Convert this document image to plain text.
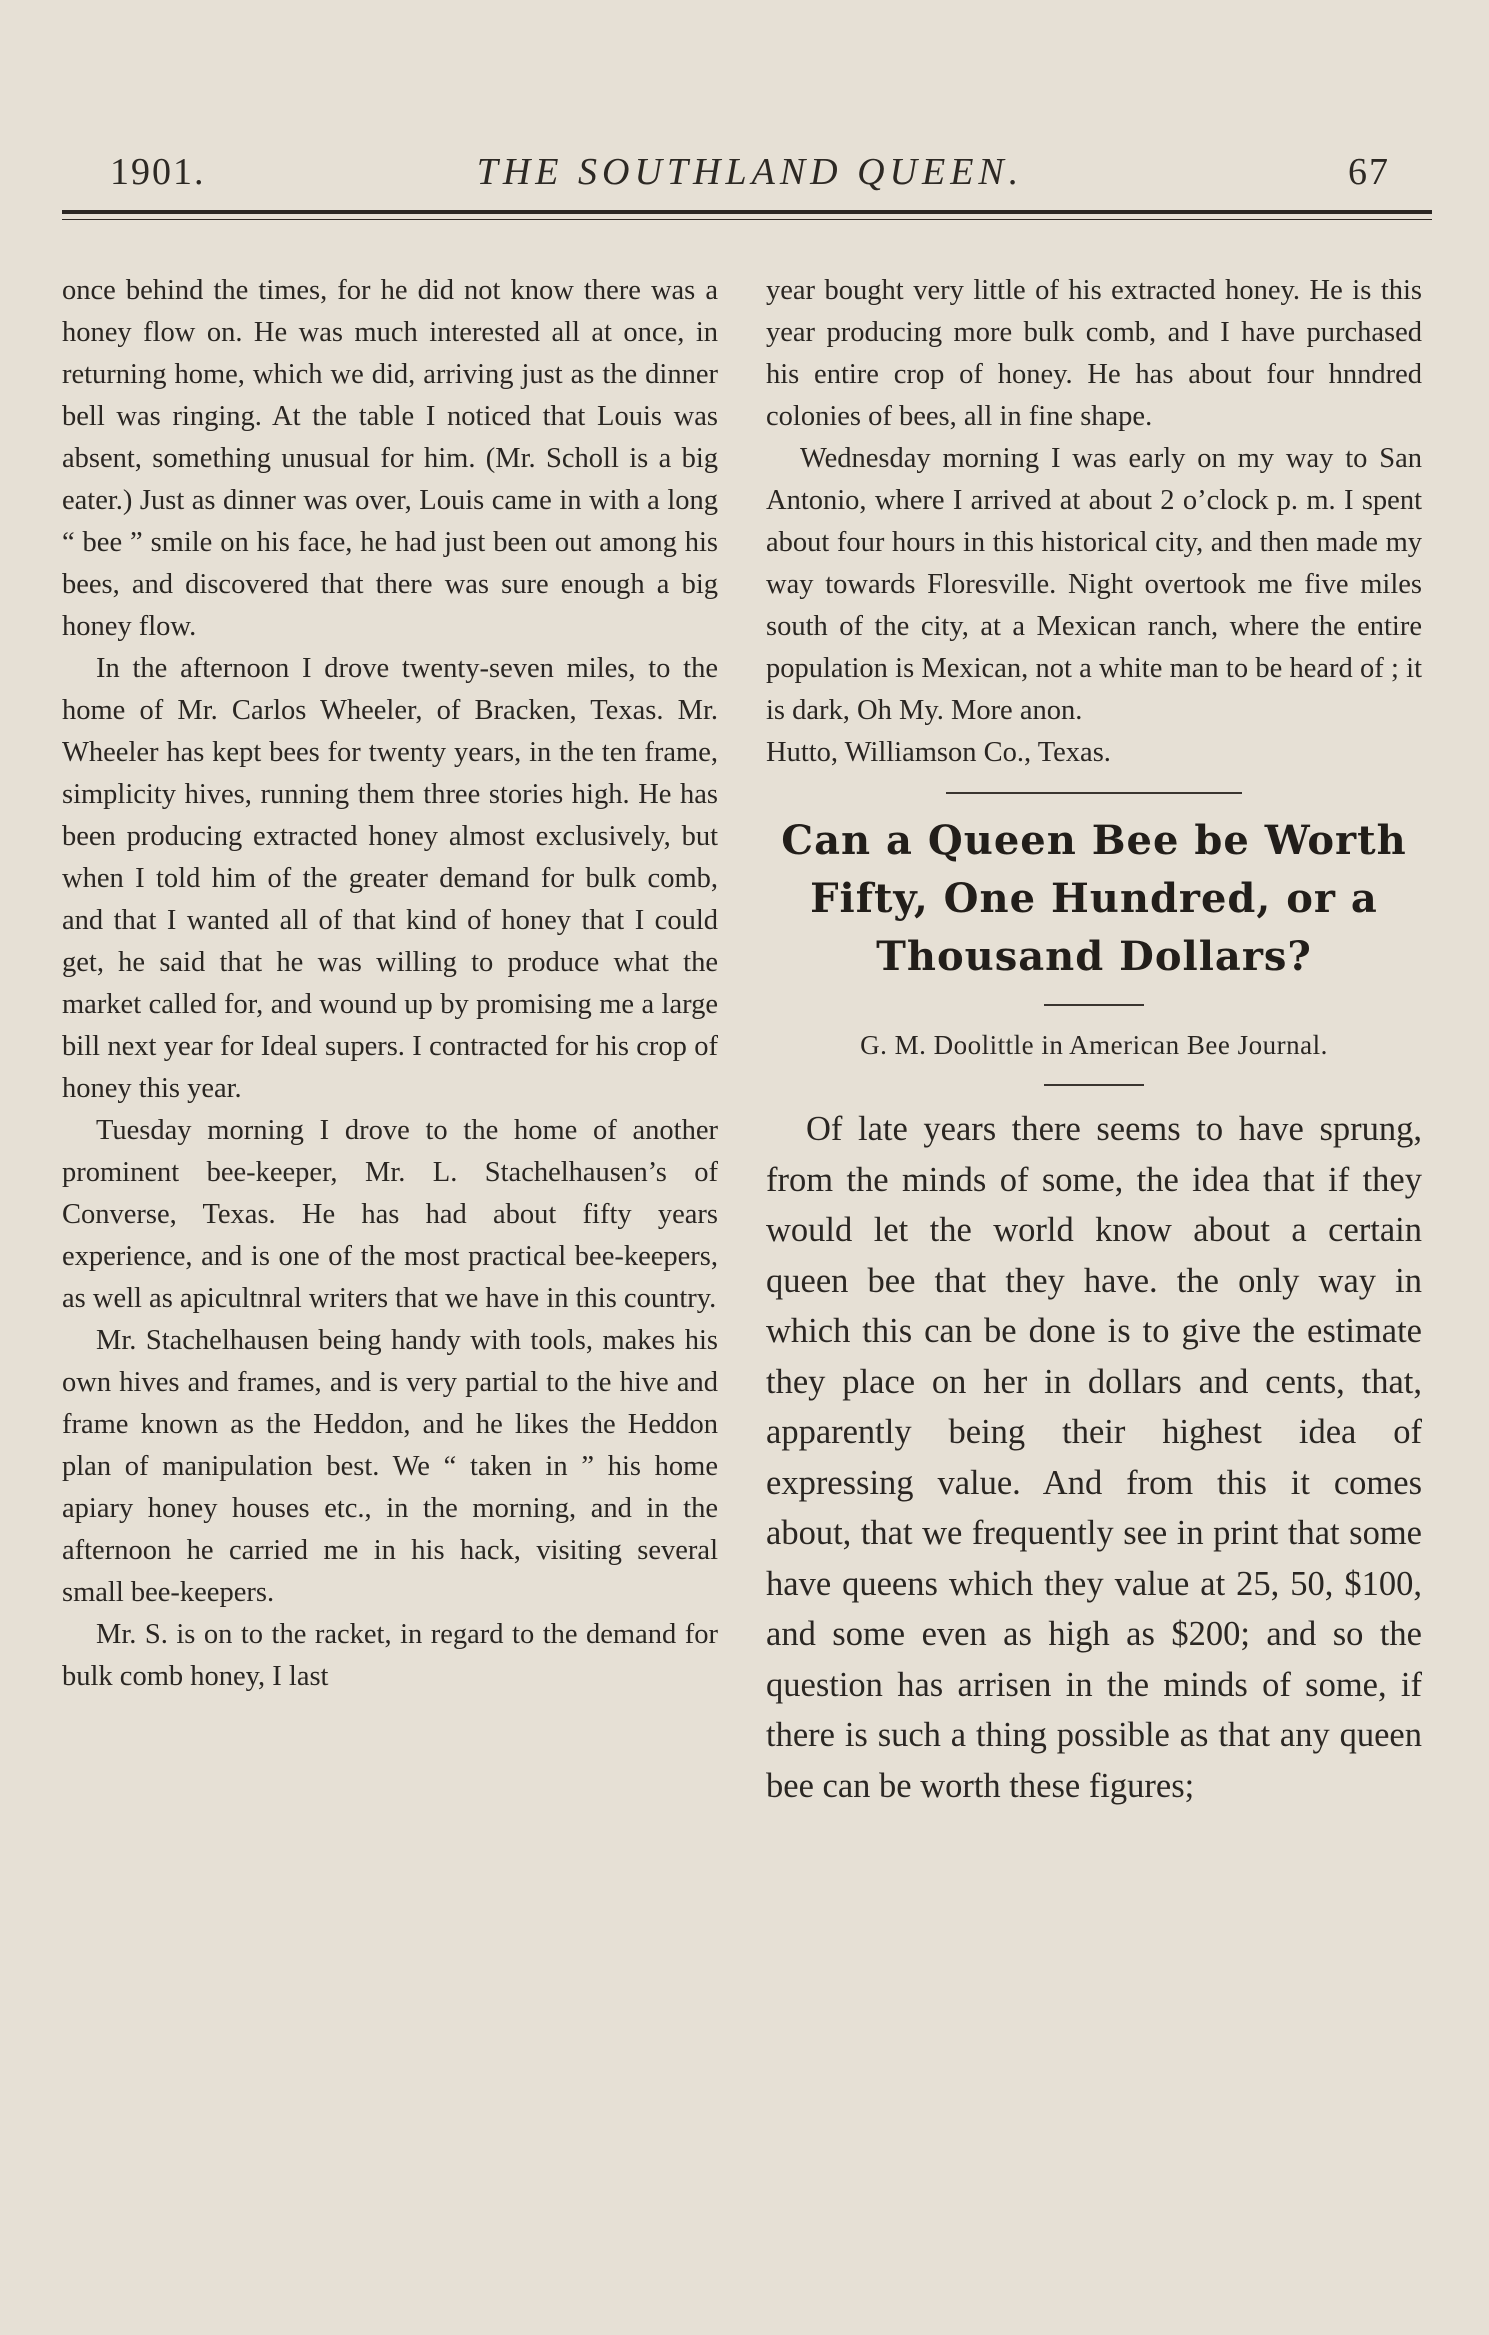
1901.	THE SOUTHLAND QUEEN.	67

once behind the times, for he did not know there was a honey flow on. He was much interested all at once, in returning home, which we did, arriving just as the dinner bell was ringing. At the table I noticed that Louis was absent, something unusual for him. (Mr. Scholl is a big eater.) Just as dinner was over, Louis came in with a long “ bee ” smile on his face, he had just been out among his bees, and discovered that there was sure enough a big honey flow.

In the afternoon I drove twenty-seven miles, to the home of Mr. Carlos Wheeler, of Bracken, Texas. Mr. Wheeler has kept bees for twenty years, in the ten frame, simplicity hives, running them three stories high. He has been producing extracted honey almost exclusively, but when I told him of the greater demand for bulk comb, and that I wanted all of that kind of honey that I could get, he said that he was willing to produce what the market called for, and wound up by promising me a large bill next year for Ideal supers. I contracted for his crop of honey this year.

Tuesday morning I drove to the home of another prominent bee-keeper, Mr. L. Stachelhausen’s of Converse, Texas. He has had about fifty years experience, and is one of the most practical bee-keepers, as well as apicultnral writers that we have in this country.

Mr. Stachelhausen being handy with tools, makes his own hives and frames, and is very partial to the hive and frame known as the Heddon, and he likes the Heddon plan of manipulation best. We “ taken in ” his home apiary honey houses etc., in the morning, and in the afternoon he carried me in his hack, visiting several small bee-keepers.

Mr. S. is on to the racket, in regard to the demand for bulk comb honey, I last

year bought very little of his extracted honey. He is this year producing more bulk comb, and I have purchased his entire crop of honey. He has about four hnndred colonies of bees, all in fine shape.

Wednesday morning I was early on my way to San Antonio, where I arrived at about 2 o’clock p. m. I spent about four hours in this historical city, and then made my way towards Floresville. Night overtook me five miles south of the city, at a Mexican ranch, where the entire population is Mexican, not a white man to be heard of ; it is dark, Oh My. More anon.

Hutto, Williamson Co., Texas.

Can a Queen Bee be Worth Fifty, One Hundred, or a Thousand Dollars?
G. M. Doolittle in American Bee Journal.

Of late years there seems to have sprung, from the minds of some, the idea that if they would let the world know about a certain queen bee that they have. the only way in which this can be done is to give the estimate they place on her in dollars and cents, that, apparently being their highest idea of expressing value. And from this it comes about, that we frequently see in print that some have queens which they value at 25, 50, $100, and some even as high as $200; and so the question has arrisen in the minds of some, if there is such a thing possible as that any queen bee can be worth these figures;
